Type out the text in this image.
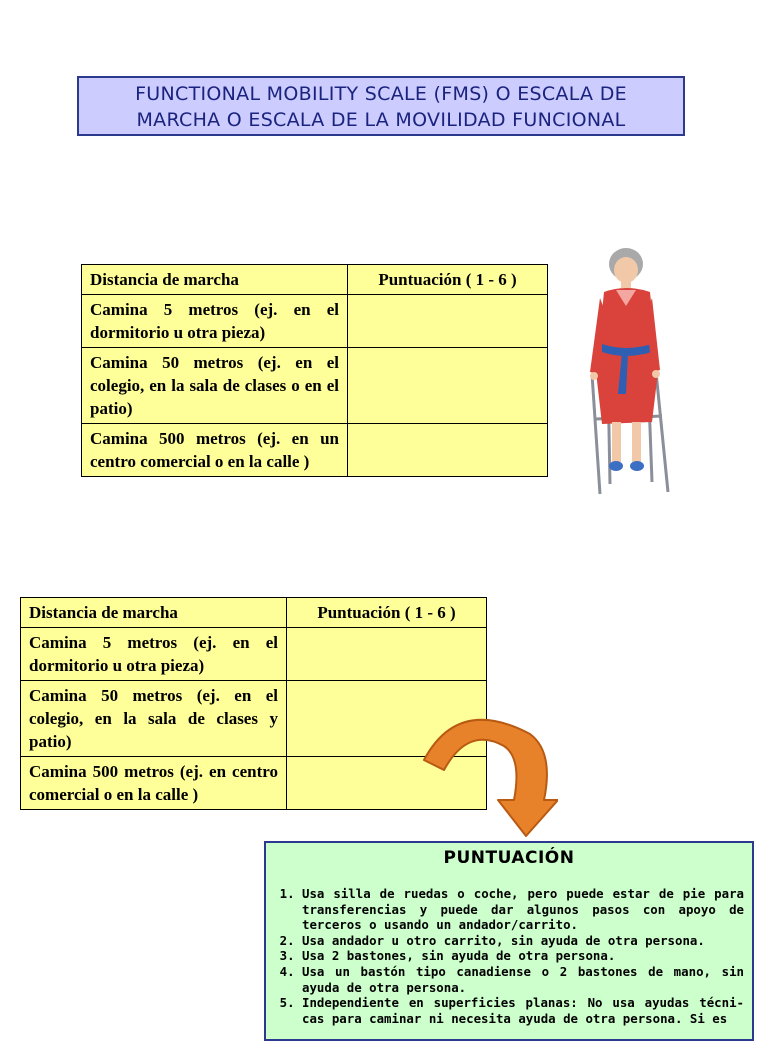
FUNCTIONAL MOBILITY SCALE (FMS) O ESCALA DE
MARCHA O ESCALA DE LA MOVILIDAD FUNCIONAL
Distancia de marcha	Puntuación ( 1 - 6 )
Camina 5 metros (ej. en el dormitorio u otra pieza)	
Camina 50 metros (ej. en el colegio, en la sala de clases o en el patio)	
Camina 500 metros (ej. en un centro comercial o en la calle )	
Distancia de marcha	Puntuación ( 1 - 6 )
Camina 5 metros (ej. en el dormitorio u otra pieza)	
Camina 50 metros (ej. en el colegio, en la sala de clases y patio)	
Camina 500 metros (ej. en centro comercial o en la calle )	
PUNTUACIÓN
1. Usa silla de ruedas o coche, pero puede estar de pie para transferencias y puede dar algunos pasos con apoyo de terceros o usando un andador/carrito.
2. Usa andador u otro carrito, sin ayuda de otra persona.
3. Usa 2 bastones, sin ayuda de otra persona.
4. Usa un bastón tipo canadiense o 2 bastones de mano, sin ayuda de otra persona.
5. Independiente en superficies planas: No usa ayudas técni-cas para caminar ni necesita ayuda de otra persona. Si es
